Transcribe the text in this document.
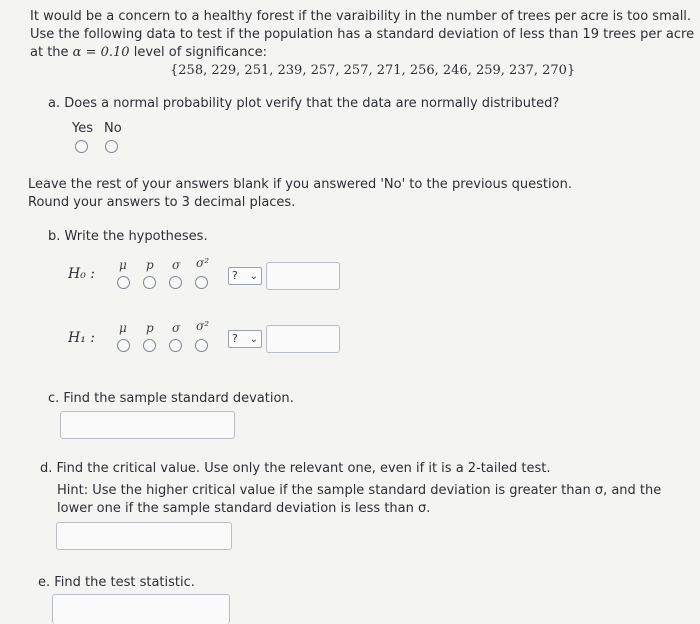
It would be a concern to a healthy forest if the varaibility in the number of trees per acre is too small.
Use the following data to test if the population has a standard deviation of less than 19 trees per acre
at the α = 0.10 level of significance:
{258, 229, 251, 239, 257, 257, 271, 256, 246, 259, 237, 270}
a. Does a normal probability plot verify that the data are normally distributed?
Yes No
Leave the rest of your answers blank if you answered 'No' to the previous question.
Round your answers to 3 decimal places.
b. Write the hypotheses.
H₀ :
μ p σ σ²
? ⌄
H₁ :
μ p σ σ²
? ⌄
c. Find the sample standard devation.
d. Find the critical value. Use only the relevant one, even if it is a 2-tailed test.
Hint: Use the higher critical value if the sample standard deviation is greater than σ, and the
lower one if the sample standard deviation is less than σ.
e. Find the test statistic.
